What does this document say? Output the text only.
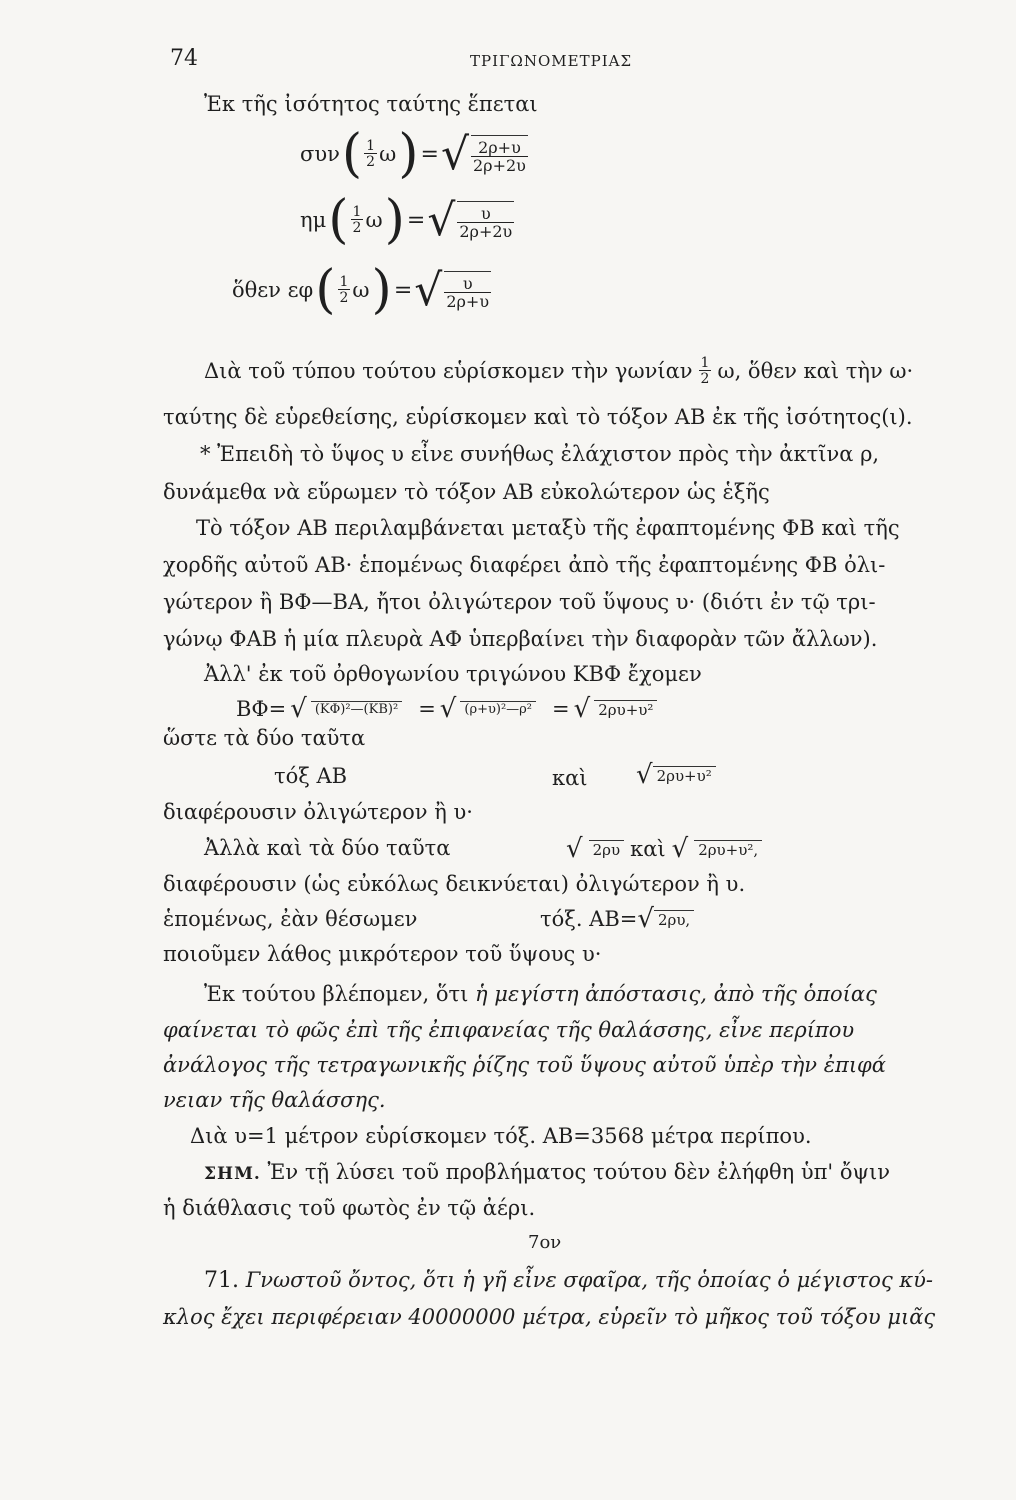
74	ΤΡΙΓΩΝΟΜΕΤΡΙΑΣ
Ἐκ τῆς ἰσότητος ταύτης ἕπεται
συν ( $\frac{1}{2}$ ω ) = √ $\frac{2\rho+\upsilon}{2\rho+2\upsilon}$
ημ ( $\frac{1}{2}$ ω ) = √ $\frac{\upsilon}{2\rho+2\upsilon}$
ὅθεν εφ ( $\frac{1}{2}$ ω ) = √ $\frac{\upsilon}{2\rho+\upsilon}$
Διὰ τοῦ τύπου τούτου εὑρίσκομεν τὴν γωνίαν $\frac{1}{2} \omega$, ὅθεν καὶ τὴν ω·
ταύτης δὲ εὑρεθείσης, εὑρίσκομεν καὶ τὸ τόξον ΑΒ ἐκ τῆς ἰσότητος(ι).
* Ἐπειδὴ τὸ ὕψος υ εἶνε συνήθως ἐλάχιστον πρὸς τὴν ἀκτῖνα ρ,
δυνάμεθα νὰ εὕρωμεν τὸ τόξον ΑΒ εὐκολώτερον ὡς ἑξῆς
Τὸ τόξον ΑΒ περιλαμβάνεται μεταξὺ τῆς ἐφαπτομένης ΦΒ καὶ τῆς
χορδῆς αὐτοῦ ΑΒ· ἑπομένως διαφέρει ἀπὸ τῆς ἐφαπτομένης ΦΒ ὀλι-
γώτερον ἢ ΒΦ—ΒΑ, ἤτοι ὀλιγώτερον τοῦ ὕψους υ· (διότι ἐν τῷ τρι-
γώνῳ ΦΑΒ ἡ μία πλευρὰ ΑΦ ὑπερβαίνει τὴν διαφορὰν τῶν ἄλλων).
Ἀλλ' ἐκ τοῦ ὀρθογωνίου τριγώνου ΚΒΦ ἔχομεν
ΒΦ= √ (ΚΦ)²—(ΚΒ)² = √ (ρ+υ)²—ρ² = √ 2ρυ+υ²
ὥστε τὰ δύο ταῦτα
τόξ ΑΒ	καὶ √ 2ρυ+υ²
διαφέρουσιν ὀλιγώτερον ἢ υ·
Ἀλλὰ καὶ τὰ δύο ταῦτα	√ 2ρυ καὶ √ 2ρυ+υ²,
διαφέρουσιν (ὡς εὐκόλως δεικνύεται) ὀλιγώτερον ἢ υ.
ἑπομένως, ἐὰν θέσωμεν	τόξ. ΑΒ= √ 2ρυ,
ποιοῦμεν λάθος μικρότερον τοῦ ὕψους υ·
Ἐκ τούτου βλέπομεν, ὅτι ἡ μεγίστη ἀπόστασις, ἀπὸ τῆς ὁποίας
φαίνεται τὸ φῶς ἐπὶ τῆς ἐπιφανείας τῆς θαλάσσης, εἶνε περίπου
ἀνάλογος τῆς τετραγωνικῆς ῥίζης τοῦ ὕψους αὐτοῦ ὑπὲρ τὴν ἐπιφά
νειαν τῆς θαλάσσης.
Διὰ υ=1 μέτρον εὑρίσκομεν τόξ. ΑΒ=3568 μέτρα περίπου.
ΣΗΜ. Ἐν τῇ λύσει τοῦ προβλήματος τούτου δὲν ἐλήφθη ὑπ' ὄψιν
ἡ διάθλασις τοῦ φωτὸς ἐν τῷ ἀέρι.
7ον
71. Γνωστοῦ ὄντος, ὅτι ἡ γῆ εἶνε σφαῖρα, τῆς ὁποίας ὁ μέγιστος κύ-
κλος ἔχει περιφέρειαν 40000000 μέτρα, εὑρεῖν τὸ μῆκος τοῦ τόξου μιᾶς
